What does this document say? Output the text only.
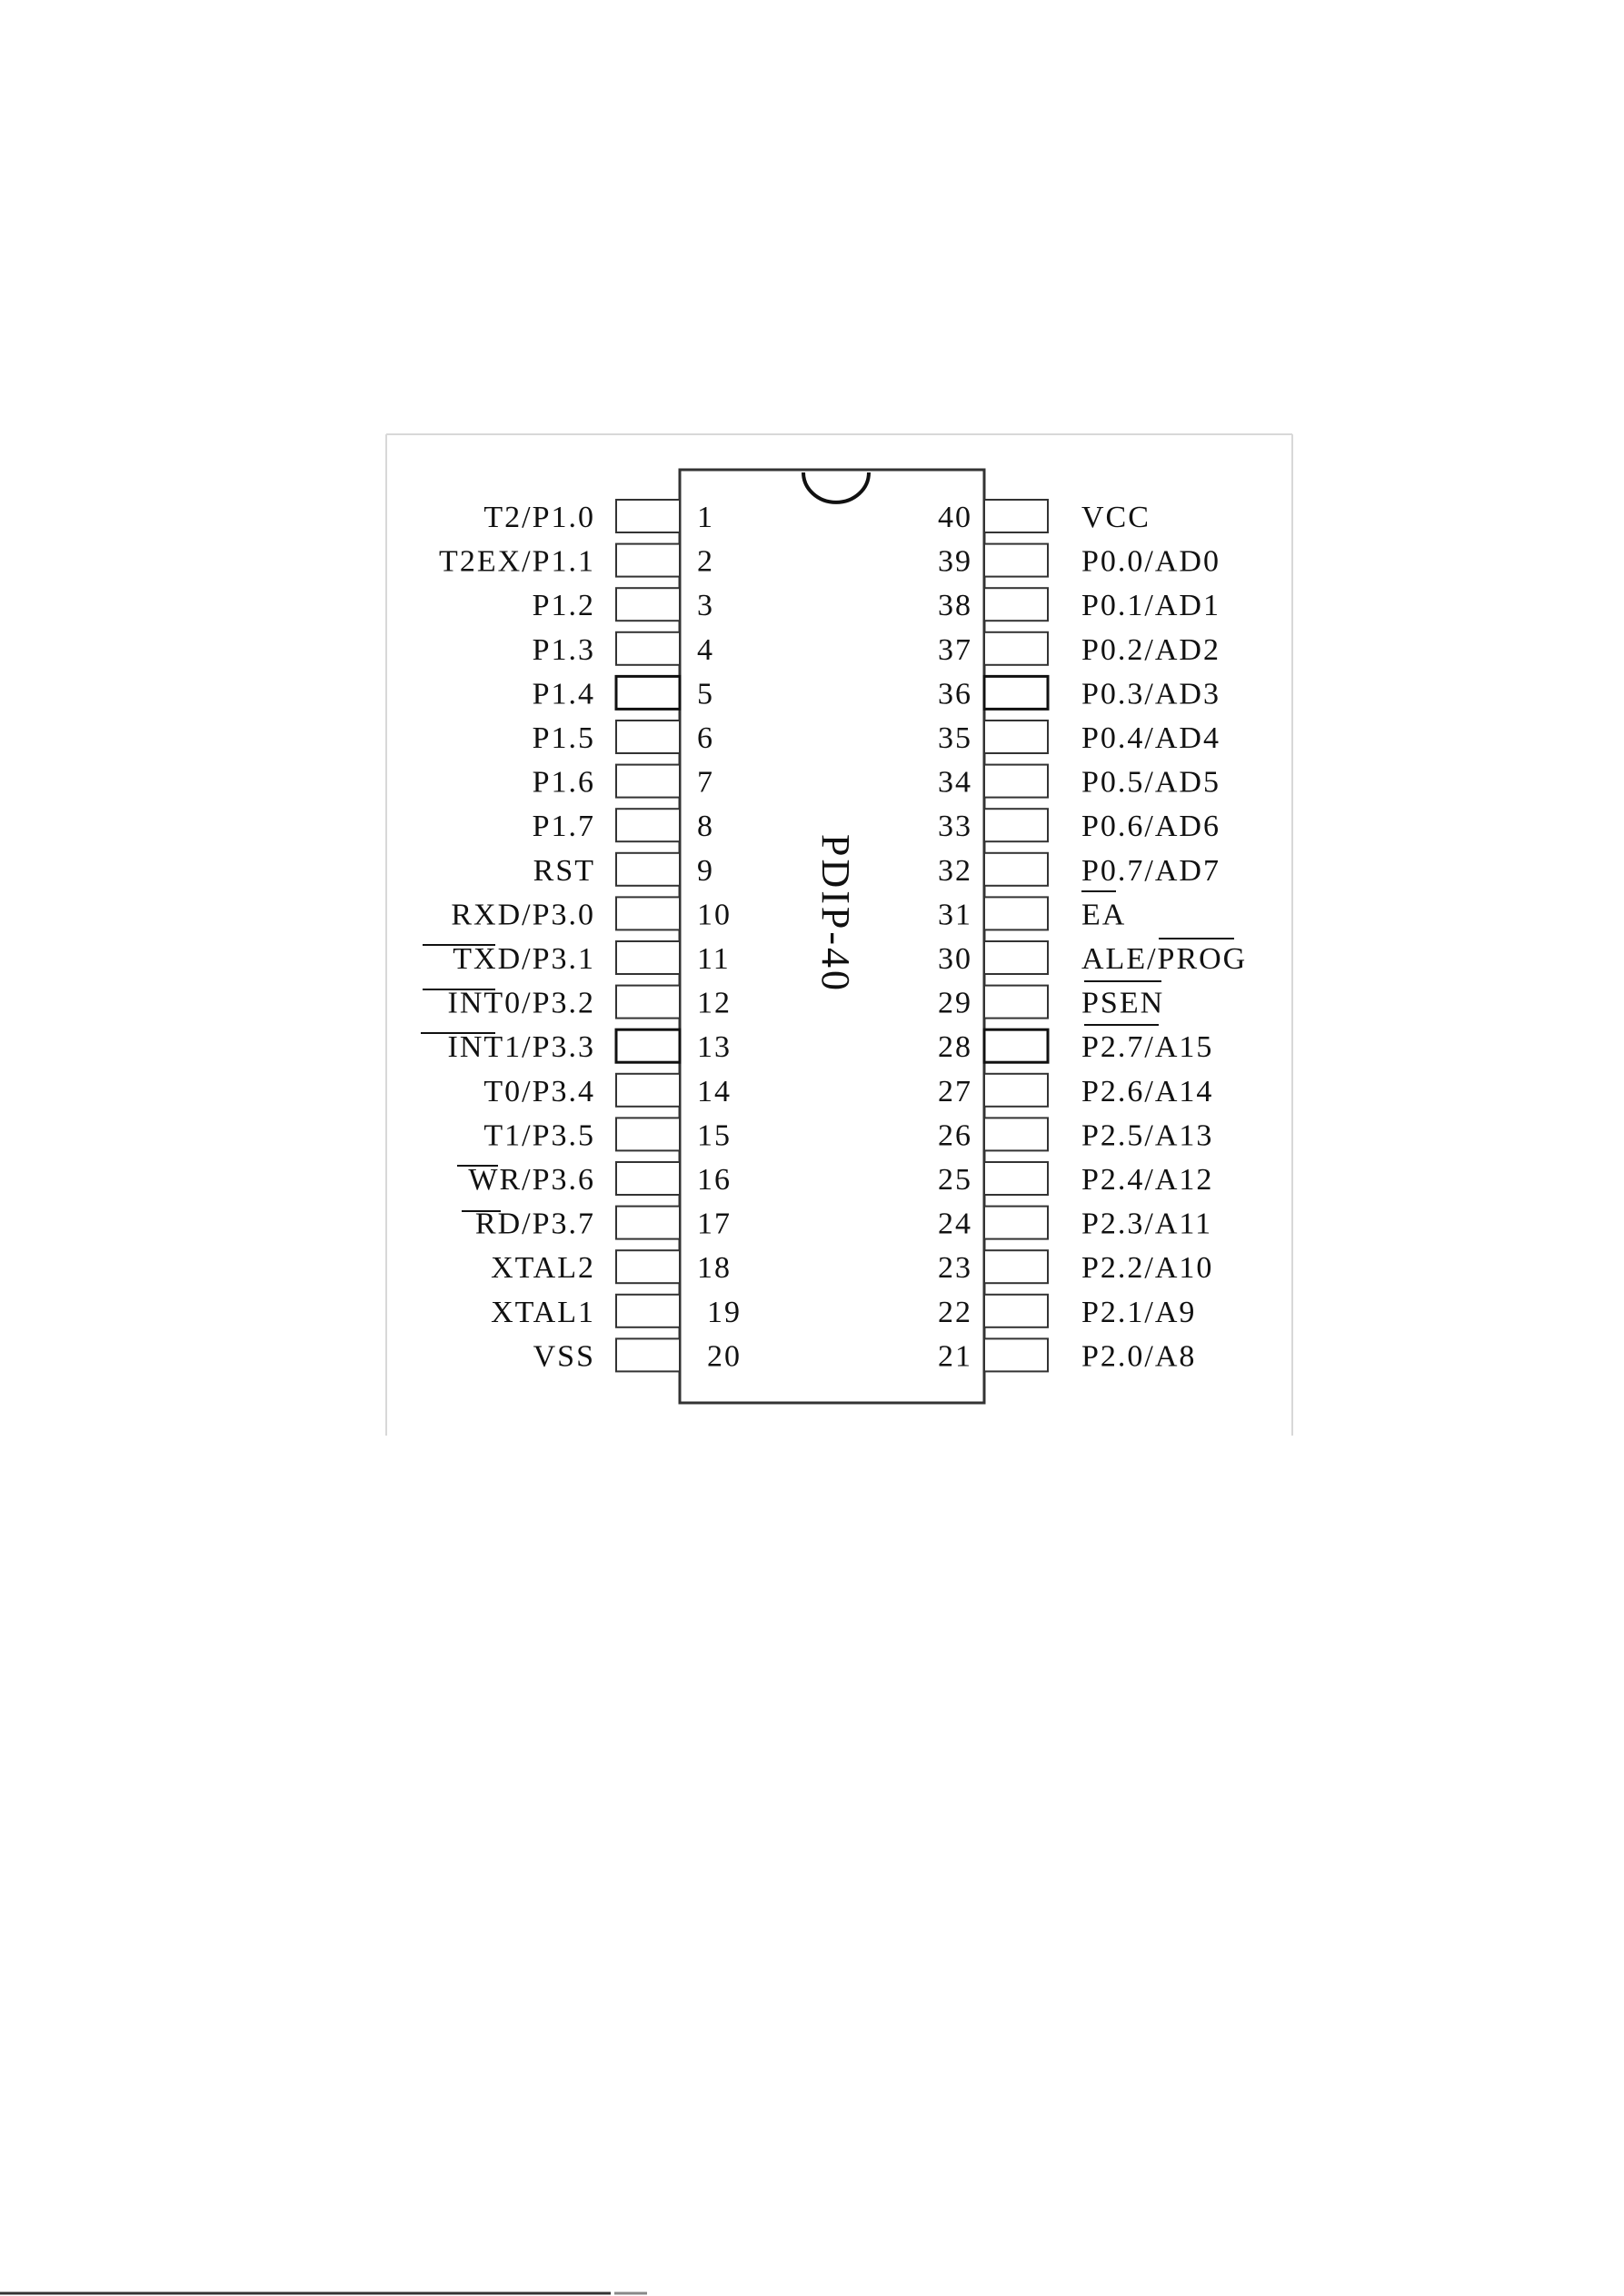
PDIP-40
T2/P1.0	1
T2EX/P1.1	2
P1.2	3
P1.3	4
P1.4	5
P1.5	6
P1.6	7
P1.7	8
RST	9
RXD/P3.0	10
TXD/P3.1	11
INT0/P3.2	12
INT1/P3.3	13
T0/P3.4	14
T1/P3.5	15
WR/P3.6	16
RD/P3.7	17
XTAL2	18
XTAL1	19
VSS	20
40	VCC
39	P0.0/AD0
38	P0.1/AD1
37	P0.2/AD2
36	P0.3/AD3
35	P0.4/AD4
34	P0.5/AD5
33	P0.6/AD6
32	P0.7/AD7
31	EA
30	ALE/PROG
29	PSEN
28	P2.7/A15
27	P2.6/A14
26	P2.5/A13
25	P2.4/A12
24	P2.3/A11
23	P2.2/A10
22	P2.1/A9
21	P2.0/A8
